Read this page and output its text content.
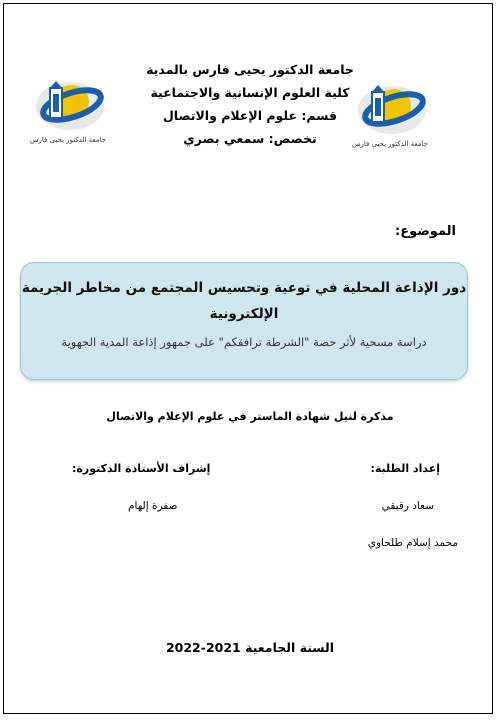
جامعة الدكتور يحيى فارس بالمدية
كلية العلوم الإنسانية والاجتماعية
قسم: علوم الإعلام والاتصال
تخصص: سمعي بصري
جامعة الدكتور يحيى فارس	جامعة الدكتور يحيى فارس
الموضوع:
دور الإذاعة المحلية في توعية وتحسيس المجتمع من مخاطر الجريمة
الإلكترونية
دراسة مسحية لأثر حصة "الشرطة ترافقكم" على جمهور إذاعة المدية الجهوية
مذكرة لنيل شهادة الماستر في علوم الإعلام والاتصال
إعداد الطلبة:
إشراف الأستاذة الدكتورة:
سعاد رقيقي
محمد إسلام طلحاوي
صفرة إلهام
السنة الجامعية 2021-2022
